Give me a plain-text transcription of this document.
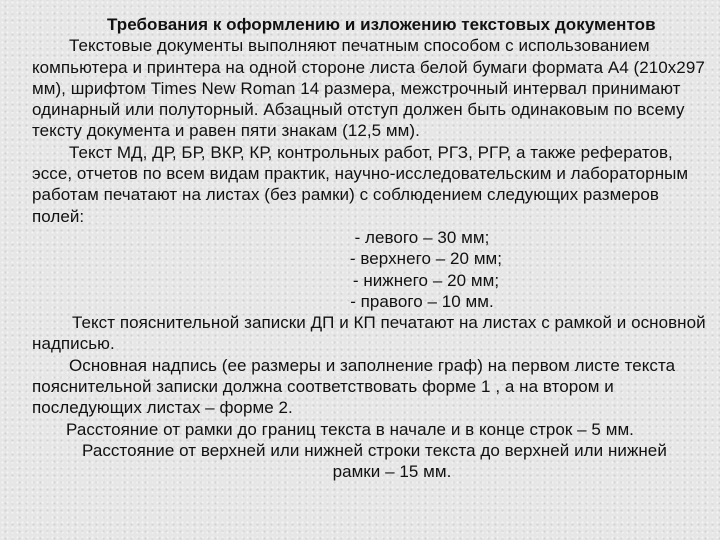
Требования к оформлению и изложению текстовых документов

Текстовые документы выполняют печатным способом с использованием компьютера и принтера на одной стороне листа белой бумаги формата А4 (210х297 мм), шрифтом Times New Roman 14 размера, межстрочный интервал принимают одинарный или полуторный. Абзацный отступ должен быть одинаковым по всему тексту документа и равен пяти знакам (12,5 мм).

Текст МД, ДР, БР, ВКР, КР, контрольных работ, РГЗ, РГР, а также рефератов, эссе, отчетов по всем видам практик, научно-исследовательским и лабораторным работам печатают на листах (без рамки) с соблюдением следующих размеров полей:

- левого – 30 мм;
- верхнего – 20 мм;
- нижнего – 20 мм;
- правого – 10 мм.

Текст пояснительной записки ДП и КП печатают на листах с рамкой и основной надписью.

Основная надпись (ее размеры и заполнение граф) на первом листе текста пояснительной записки должна соответствовать форме 1 , а на втором и последующих листах – форме 2.

Расстояние от рамки до границ текста в начале и в конце строк – 5 мм.

Расстояние от верхней или нижней строки текста до верхней или нижней

рамки – 15 мм.
